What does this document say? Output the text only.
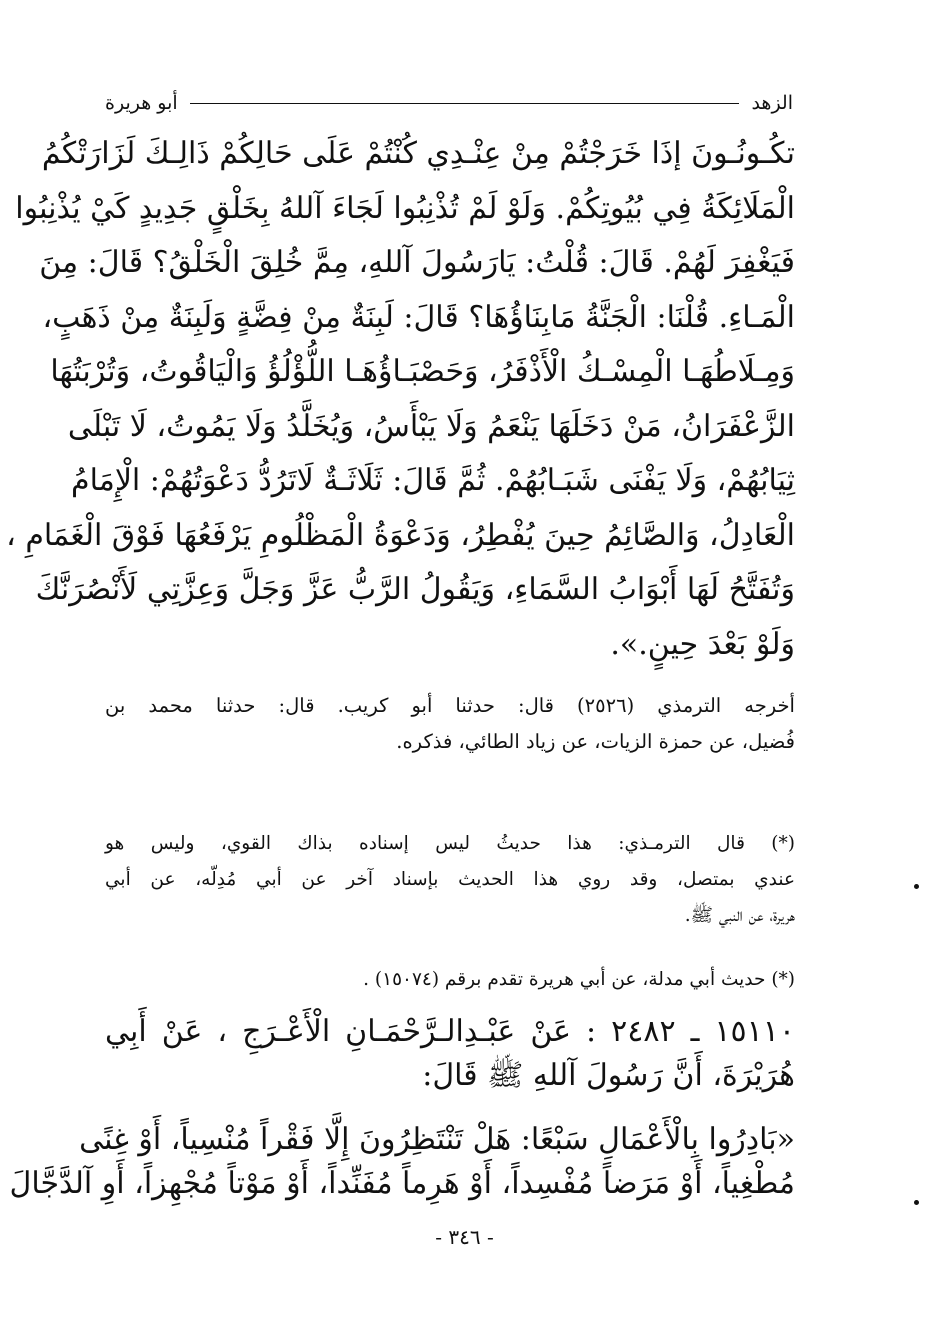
الزهد
أبو هريرة
تكُـونُـونَ إذَا خَرَجْتُمْ مِنْ عِنْـدِي كُنْتُمْ عَلَى حَالِكُمْ ذَالِـكَ لَزَارَتْكُمُ
الْمَلَائِكَةُ فِي بُيُوتِكُمْ. وَلَوْ لَمْ تُذْنِبُوا لَجَاءَ آللهُ بِخَلْقٍ جَدِيدٍ كَيْ يُذْنِبُوا
فَيَغْفِرَ لَهُمْ. قَالَ: قُلْتُ: يَارَسُولَ آللهِ، مِمَّ خُلِقَ الْخَلْقُ؟ قَالَ: مِنَ
الْمَـاءِ. قُلْنَا: الْجَنَّةُ مَابِنَاؤُهَا؟ قَالَ: لَبِنَةٌ مِنْ فِضَّةٍ وَلَبِنَةٌ مِنْ ذَهَبٍ،
وَمِـلَاطُهَـا الْمِسْـكُ الْأَذْفَرُ، وَحَصْبَـاؤُهَـا اللُّؤْلُؤُ وَالْيَاقُوتُ، وَتُرْبَتُهَا
الزَّعْفَرَانُ، مَنْ دَخَلَهَا يَنْعَمُ وَلَا يَبْأَسُ، وَيُخَلَّدُ وَلَا يَمُوتُ، لَا تَبْلَى
ثِيَابُهُمْ، وَلَا يَفْنَى شَبَـابُهُمْ. ثُمَّ قَالَ: ثَلَاثَـةٌ لَاتَرُدُّ دَعْوَتُهُمْ: الْإِمَامُ
الْعَادِلُ، وَالصَّائِمُ حِينَ يُفْطِرُ، وَدَعْوَةُ الْمَظْلُومِ يَرْفَعُهَا فَوْقَ الْغَمَامِ ،
وَتُفَتَّحُ لَهَا أَبْوَابُ السَّمَاءِ، وَيَقُولُ الرَّبُّ عَزَّ وَجَلَّ وَعِزَّتِي لَأَنْصُرَنَّكَ
وَلَوْ بَعْدَ حِينٍ.».
أخرجه الترمذي (٢٥٢٦) قال: حدثنا أبو كريب. قال: حدثنا محمد بن
فُضيل، عن حمزة الزيات، عن زياد الطائي، فذكره.
(*) قال الترمـذي: هذا حديثُ ليس إسناده بذاك القوي، وليس هو
عندي بمتصل، وقد روي هذا الحديث بإسناد آخر عن أبي مُدِلّه، عن أبي
هريرة، عن النبي ﷺ.
(*) حديث أبي مدلة، عن أبي هريرة تقدم برقم (١٥٠٧٤) .
١٥١١٠ ـ ٢٤٨٢ : عَنْ عَبْـدِالـرَّحْمَـانِ الْأَعْـرَجِ ، عَنْ أَبِي
هُرَيْرَةَ، أَنَّ رَسُولَ آللهِ ﷺ قَالَ:
«بَادِرُوا بِالْأَعْمَالِ سَبْعًا: هَلْ تَنْتَظِرُونَ إِلَّا فَقْراً مُنْسِياً، أَوْ غِنًى
مُطْغِياً، أَوْ مَرَضاً مُفْسِداً، أَوْ هَرِماً مُفَنِّداً، أَوْ مَوْتاً مُجْهِزاً، أَوِ آلدَّجَّالَ
- ٣٤٦ -
